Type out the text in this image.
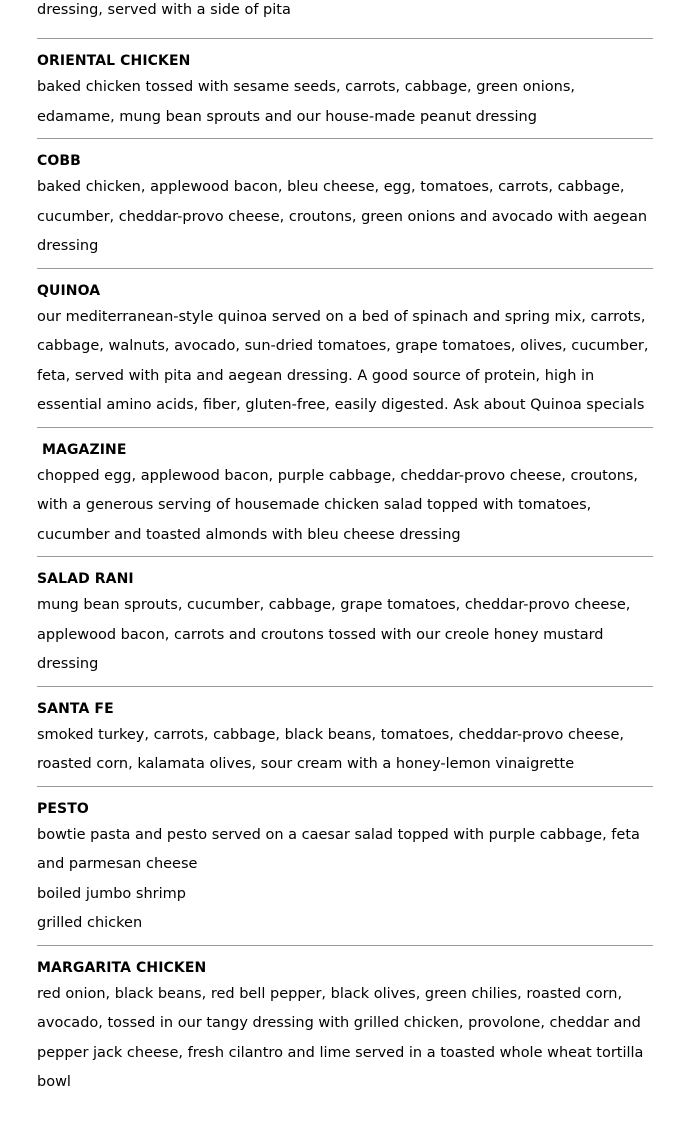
dressing, served with a side of pita
ORIENTAL CHICKEN
baked chicken tossed with sesame seeds, carrots, cabbage, green onions, edamame, mung bean sprouts and our house-made peanut dressing
COBB
baked chicken, applewood bacon, bleu cheese, egg, tomatoes, carrots, cabbage, cucumber, cheddar-provo cheese, croutons, green onions and avocado with aegean dressing
QUINOA
our mediterranean-style quinoa served on a bed of spinach and spring mix, carrots, cabbage, walnuts, avocado, sun-dried tomatoes, grape tomatoes, olives, cucumber, feta, served with pita and aegean dressing. A good source of protein, high in essential amino acids, fiber, gluten-free, easily digested. Ask about Quinoa specials
MAGAZINE
chopped egg, applewood bacon, purple cabbage, cheddar-provo cheese, croutons, with a generous serving of housemade chicken salad topped with tomatoes, cucumber and toasted almonds with bleu cheese dressing
SALAD RANI
mung bean sprouts, cucumber, cabbage, grape tomatoes, cheddar-provo cheese, applewood bacon, carrots and croutons tossed with our creole honey mustard dressing
SANTA FE
smoked turkey, carrots, cabbage, black beans, tomatoes, cheddar-provo cheese, roasted corn, kalamata olives, sour cream with a honey-lemon vinaigrette
PESTO
bowtie pasta and pesto served on a caesar salad topped with purple cabbage, feta and parmesan cheese
boiled jumbo shrimp
grilled chicken
MARGARITA CHICKEN
red onion, black beans, red bell pepper, black olives, green chilies, roasted corn, avocado, tossed in our tangy dressing with grilled chicken, provolone, cheddar and pepper jack cheese, fresh cilantro and lime served in a toasted whole wheat tortilla bowl
